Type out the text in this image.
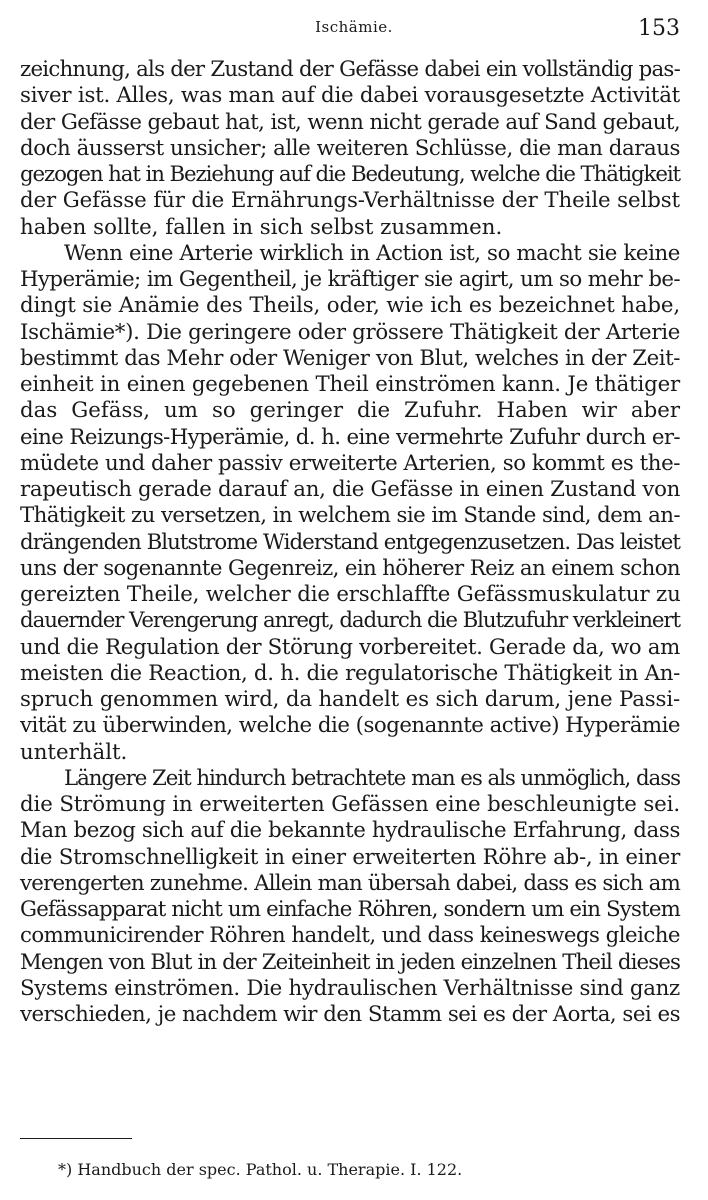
Ischämie.	153
zeichnung, als der Zustand der Gefässe dabei ein vollständig pas-
siver ist. Alles, was man auf die dabei vorausgesetzte Activität
der Gefässe gebaut hat, ist, wenn nicht gerade auf Sand gebaut,
doch äusserst unsicher; alle weiteren Schlüsse, die man daraus
gezogen hat in Beziehung auf die Bedeutung, welche die Thätigkeit
der Gefässe für die Ernährungs-Verhältnisse der Theile selbst
haben sollte, fallen in sich selbst zusammen.
Wenn eine Arterie wirklich in Action ist, so macht sie keine
Hyperämie; im Gegentheil, je kräftiger sie agirt, um so mehr be-
dingt sie Anämie des Theils, oder, wie ich es bezeichnet habe,
Ischämie*). Die geringere oder grössere Thätigkeit der Arterie
bestimmt das Mehr oder Weniger von Blut, welches in der Zeit-
einheit in einen gegebenen Theil einströmen kann. Je thätiger
das Gefäss, um so geringer die Zufuhr. Haben wir aber
eine Reizungs-Hyperämie, d. h. eine vermehrte Zufuhr durch er-
müdete und daher passiv erweiterte Arterien, so kommt es the-
rapeutisch gerade darauf an, die Gefässe in einen Zustand von
Thätigkeit zu versetzen, in welchem sie im Stande sind, dem an-
drängenden Blutstrome Widerstand entgegenzusetzen. Das leistet
uns der sogenannte Gegenreiz, ein höherer Reiz an einem schon
gereizten Theile, welcher die erschlaffte Gefässmuskulatur zu
dauernder Verengerung anregt, dadurch die Blutzufuhr verkleinert
und die Regulation der Störung vorbereitet. Gerade da, wo am
meisten die Reaction, d. h. die regulatorische Thätigkeit in An-
spruch genommen wird, da handelt es sich darum, jene Passi-
vität zu überwinden, welche die (sogenannte active) Hyperämie
unterhält.
Längere Zeit hindurch betrachtete man es als unmöglich, dass
die Strömung in erweiterten Gefässen eine beschleunigte sei.
Man bezog sich auf die bekannte hydraulische Erfahrung, dass
die Stromschnelligkeit in einer erweiterten Röhre ab-, in einer
verengerten zunehme. Allein man übersah dabei, dass es sich am
Gefässapparat nicht um einfache Röhren, sondern um ein System
communicirender Röhren handelt, und dass keineswegs gleiche
Mengen von Blut in der Zeiteinheit in jeden einzelnen Theil dieses
Systems einströmen. Die hydraulischen Verhältnisse sind ganz
verschieden, je nachdem wir den Stamm sei es der Aorta, sei es
*) Handbuch der spec. Pathol. u. Therapie. I. 122.
